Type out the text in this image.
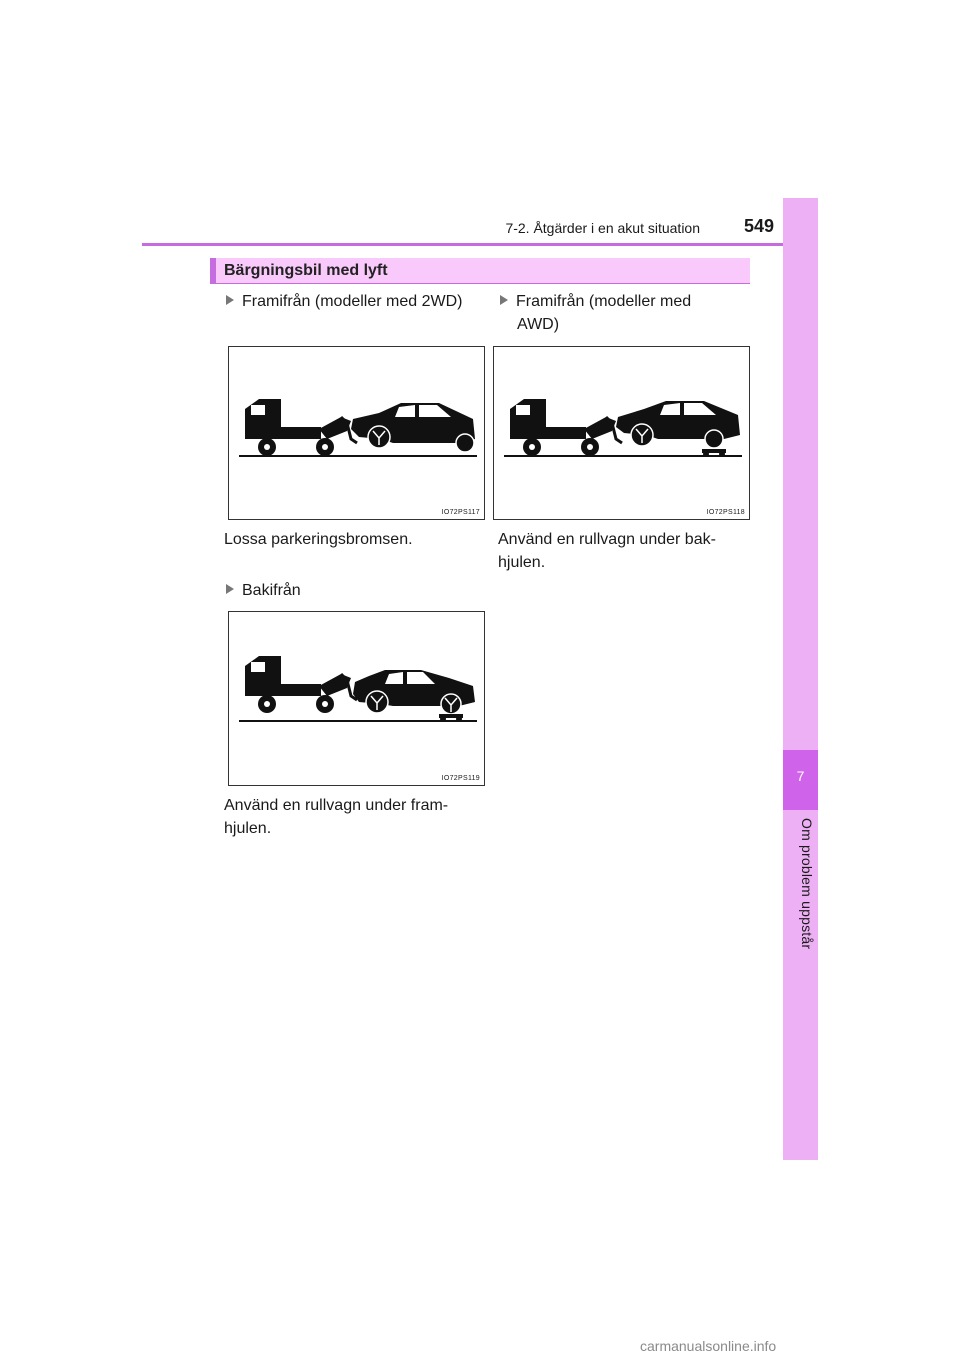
7-2. Åtgärder i en akut situation	549
7
Om problem uppstår
Bärgningsbil med lyft
Framifrån (modeller med 2WD)
IO72PS117
Lossa parkeringsbromsen.
Framifrån (modeller med
AWD)
IO72PS118
Använd en rullvagn under bak-
hjulen.
Bakifrån
IO72PS119
Använd en rullvagn under fram-
hjulen.
carmanualsonline.info
